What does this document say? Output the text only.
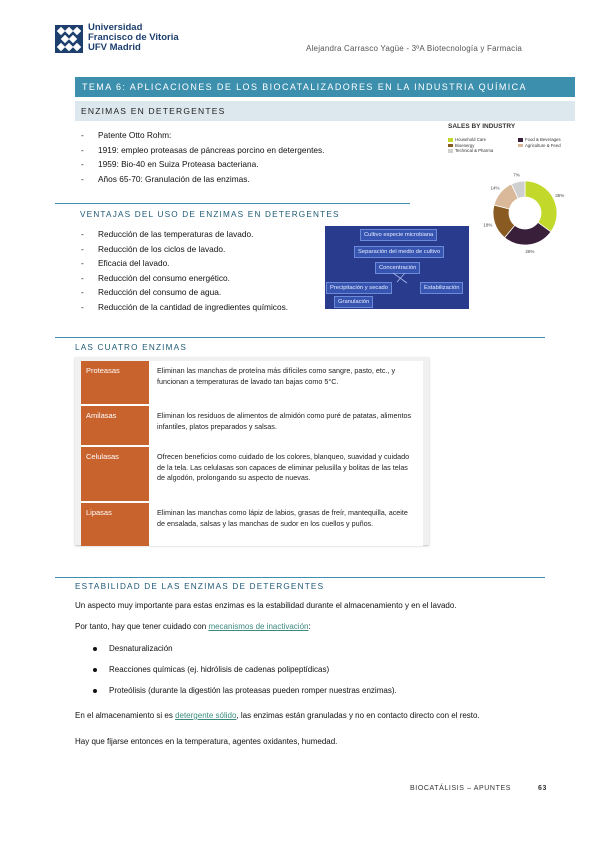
Universidad
Francisco de Vitoria
UFV Madrid	Alejandra Carrasco Yagüe - 3ºA Biotecnología y Farmacia
TEMA 6: APLICACIONES DE LOS BIOCATALIZADORES EN LA INDUSTRIA QUÍMICA
ENZIMAS EN DETERGENTES
- Patente Otto Rohm:
- 1919: empleo proteasas de páncreas porcino en detergentes.
- 1959: Bio-40 en Suiza Proteasa bacteriana.
- Años 65-70: Granulación de las enzimas.
SALES BY INDUSTRY
Household Care	Food & Beverages
Bioenergy	Agriculture & Feed
Technical & Pharma
35%
26%
18%
14%
7%
VENTAJAS DEL USO DE ENZIMAS EN DETERGENTES
- Reducción de las temperaturas de lavado.
- Reducción de los ciclos de lavado.
- Eficacia del lavado.
- Reducción del consumo energético.
- Reducción del consumo de agua.
- Reducción de la cantidad de ingredientes químicos.
Cultivo especie microbiana
Separación del medio de cultivo
Concentración
Precipitación y secado	Estabilización
Granulación
LAS CUATRO ENZIMAS
Proteasas	Eliminan las manchas de proteína más difíciles como sangre, pasto, etc., y funcionan a temperaturas de lavado tan bajas como 5°C.
Amilasas	Eliminan los residuos de alimentos de almidón como puré de patatas, alimentos infantiles, platos preparados y salsas.
Celulasas	Ofrecen beneficios como cuidado de los colores, blanqueo, suavidad y cuidado de la tela. Las celulasas son capaces de eliminar pelusilla y bolitas de las telas de algodón, prolongando su aspecto de nuevas.
Lipasas	Eliminan las manchas como lápiz de labios, grasas de freír, mantequilla, aceite de ensalada, salsas y las manchas de sudor en los cuellos y puños.
ESTABILIDAD DE LAS ENZIMAS DE DETERGENTES
Un aspecto muy importante para estas enzimas es la estabilidad durante el almacenamiento y en el lavado.
Por tanto, hay que tener cuidado con mecanismos de inactivación:
Desnaturalización
Reacciones químicas (ej. hidrólisis de cadenas polipeptídicas)
Proteólisis (durante la digestión las proteasas pueden romper nuestras enzimas).
En el almacenamiento si es detergente sólido, las enzimas están granuladas y no en contacto directo con el resto.
Hay que fijarse entonces en la temperatura, agentes oxidantes, humedad.
BIOCATÁLISIS – APUNTES	63
